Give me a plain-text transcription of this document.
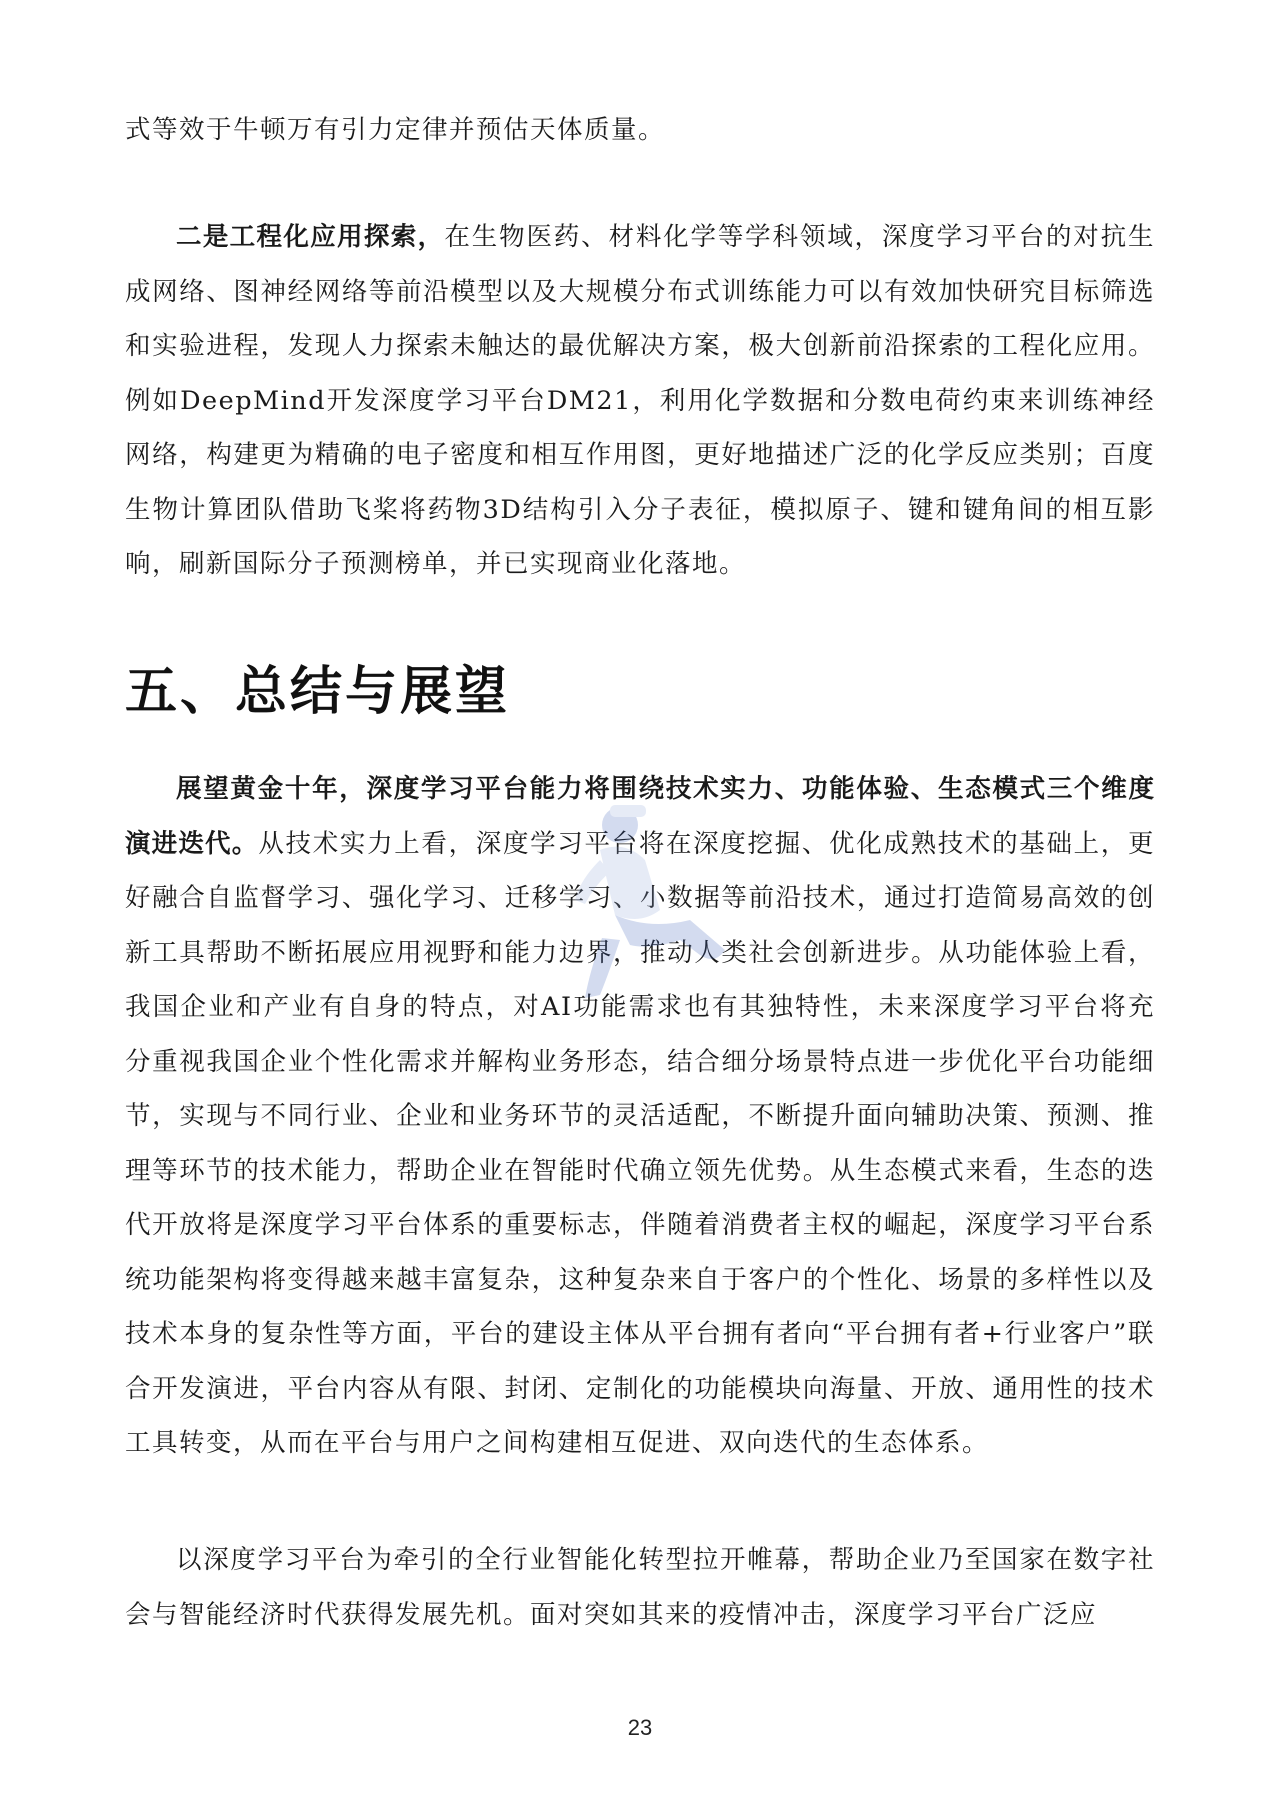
式等效于牛顿万有引力定律并预估天体质量。

二是工程化应用探索，在生物医药、材料化学等学科领域，深度学习平台的对抗生成网络、图神经网络等前沿模型以及大规模分布式训练能力可以有效加快研究目标筛选和实验进程，发现人力探索未触达的最优解决方案，极大创新前沿探索的工程化应用。例如DeepMind开发深度学习平台DM21，利用化学数据和分数电荷约束来训练神经网络，构建更为精确的电子密度和相互作用图，更好地描述广泛的化学反应类别；百度生物计算团队借助飞桨将药物3D结构引入分子表征，模拟原子、键和键角间的相互影响，刷新国际分子预测榜单，并已实现商业化落地。

五、总结与展望

展望黄金十年，深度学习平台能力将围绕技术实力、功能体验、生态模式三个维度演进迭代。从技术实力上看，深度学习平台将在深度挖掘、优化成熟技术的基础上，更好融合自监督学习、强化学习、迁移学习、小数据等前沿技术，通过打造简易高效的创新工具帮助不断拓展应用视野和能力边界，推动人类社会创新进步。从功能体验上看，我国企业和产业有自身的特点，对AI功能需求也有其独特性，未来深度学习平台将充分重视我国企业个性化需求并解构业务形态，结合细分场景特点进一步优化平台功能细节，实现与不同行业、企业和业务环节的灵活适配，不断提升面向辅助决策、预测、推理等环节的技术能力，帮助企业在智能时代确立领先优势。从生态模式来看，生态的迭代开放将是深度学习平台体系的重要标志，伴随着消费者主权的崛起，深度学习平台系统功能架构将变得越来越丰富复杂，这种复杂来自于客户的个性化、场景的多样性以及技术本身的复杂性等方面，平台的建设主体从平台拥有者向“平台拥有者+行业客户”联合开发演进，平台内容从有限、封闭、定制化的功能模块向海量、开放、通用性的技术工具转变，从而在平台与用户之间构建相互促进、双向迭代的生态体系。

以深度学习平台为牵引的全行业智能化转型拉开帷幕，帮助企业乃至国家在数字社会与智能经济时代获得发展先机。面对突如其来的疫情冲击，深度学习平台广泛应

23
